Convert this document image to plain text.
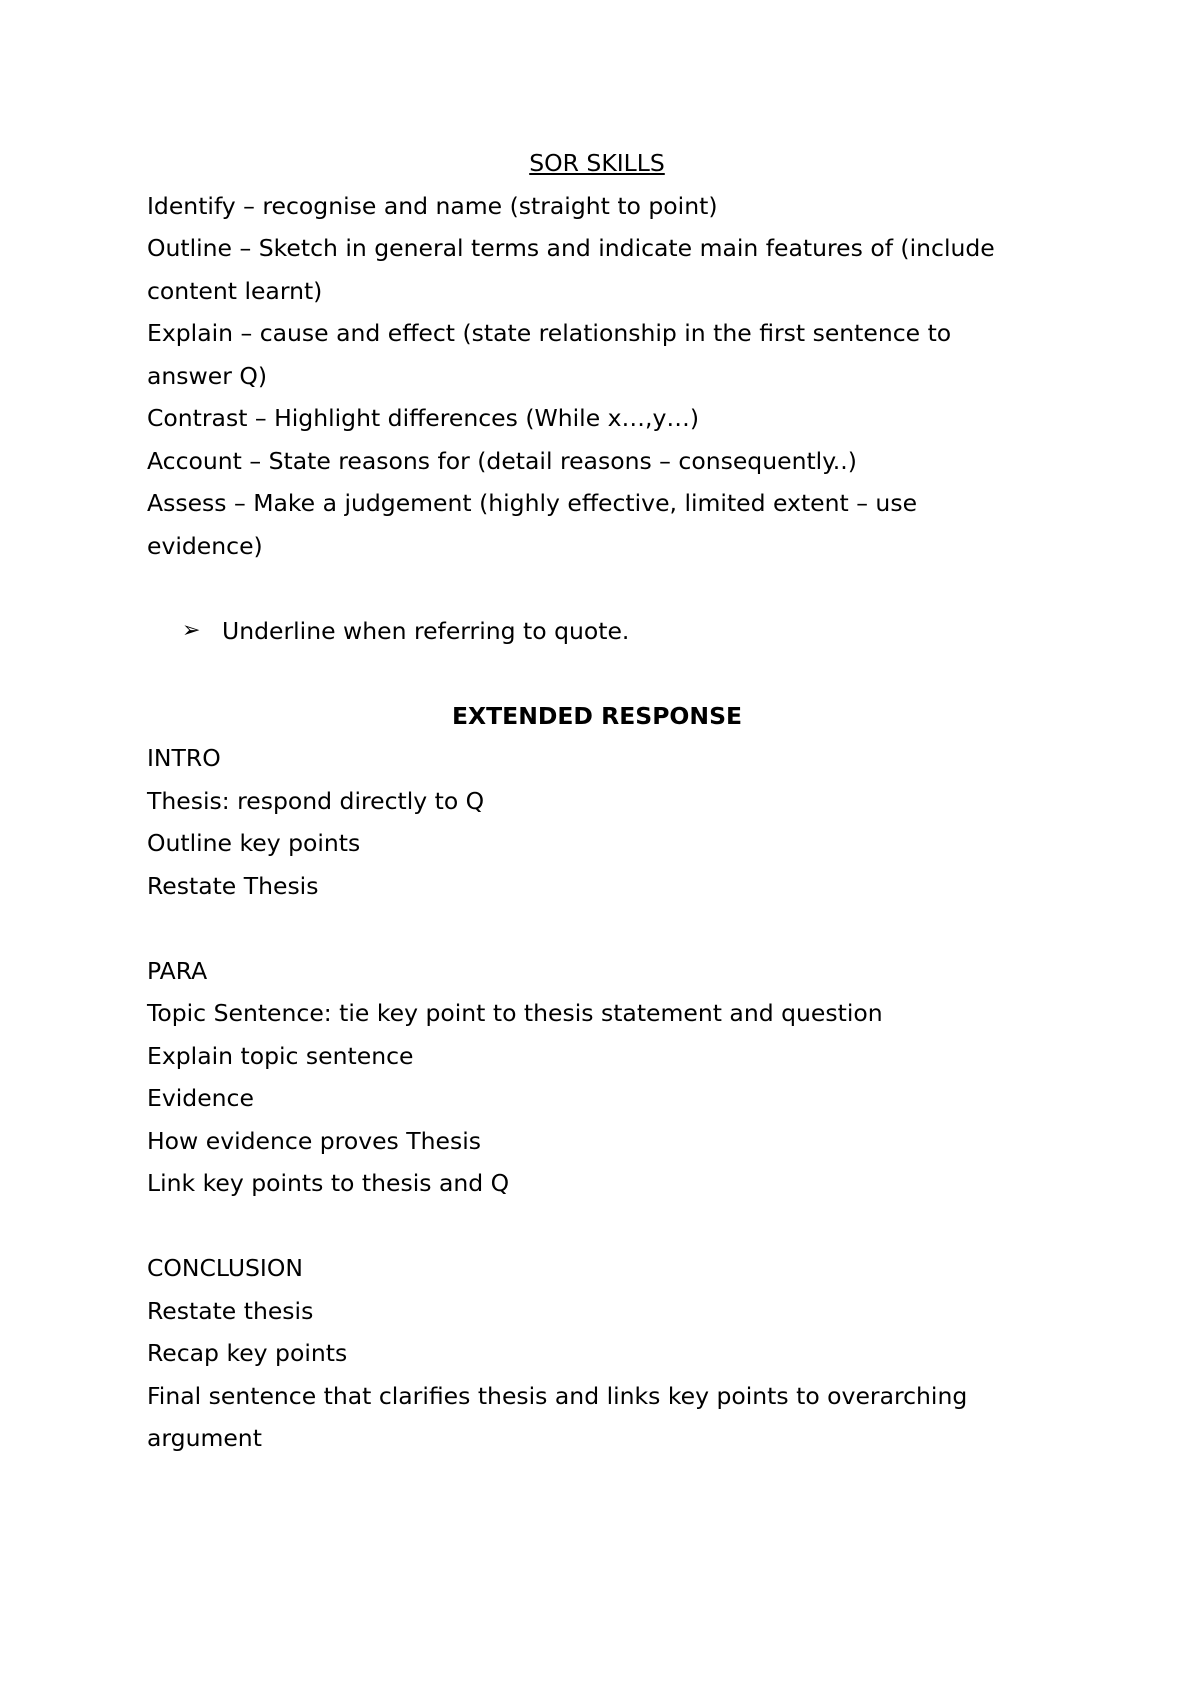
SOR SKILLS

Identify – recognise and name (straight to point)

Outline – Sketch in general terms and indicate main features of (include

content learnt)

Explain – cause and effect (state relationship in the first sentence to

answer Q)

Contrast – Highlight differences (While x…,y…)

Account – State reasons for (detail reasons – consequently..)

Assess – Make a judgement (highly effective, limited extent – use

evidence)

➢ Underline when referring to quote.

EXTENDED RESPONSE

INTRO

Thesis: respond directly to Q

Outline key points

Restate Thesis

PARA

Topic Sentence: tie key point to thesis statement and question

Explain topic sentence

Evidence

How evidence proves Thesis

Link key points to thesis and Q

CONCLUSION

Restate thesis

Recap key points

Final sentence that clarifies thesis and links key points to overarching

argument
